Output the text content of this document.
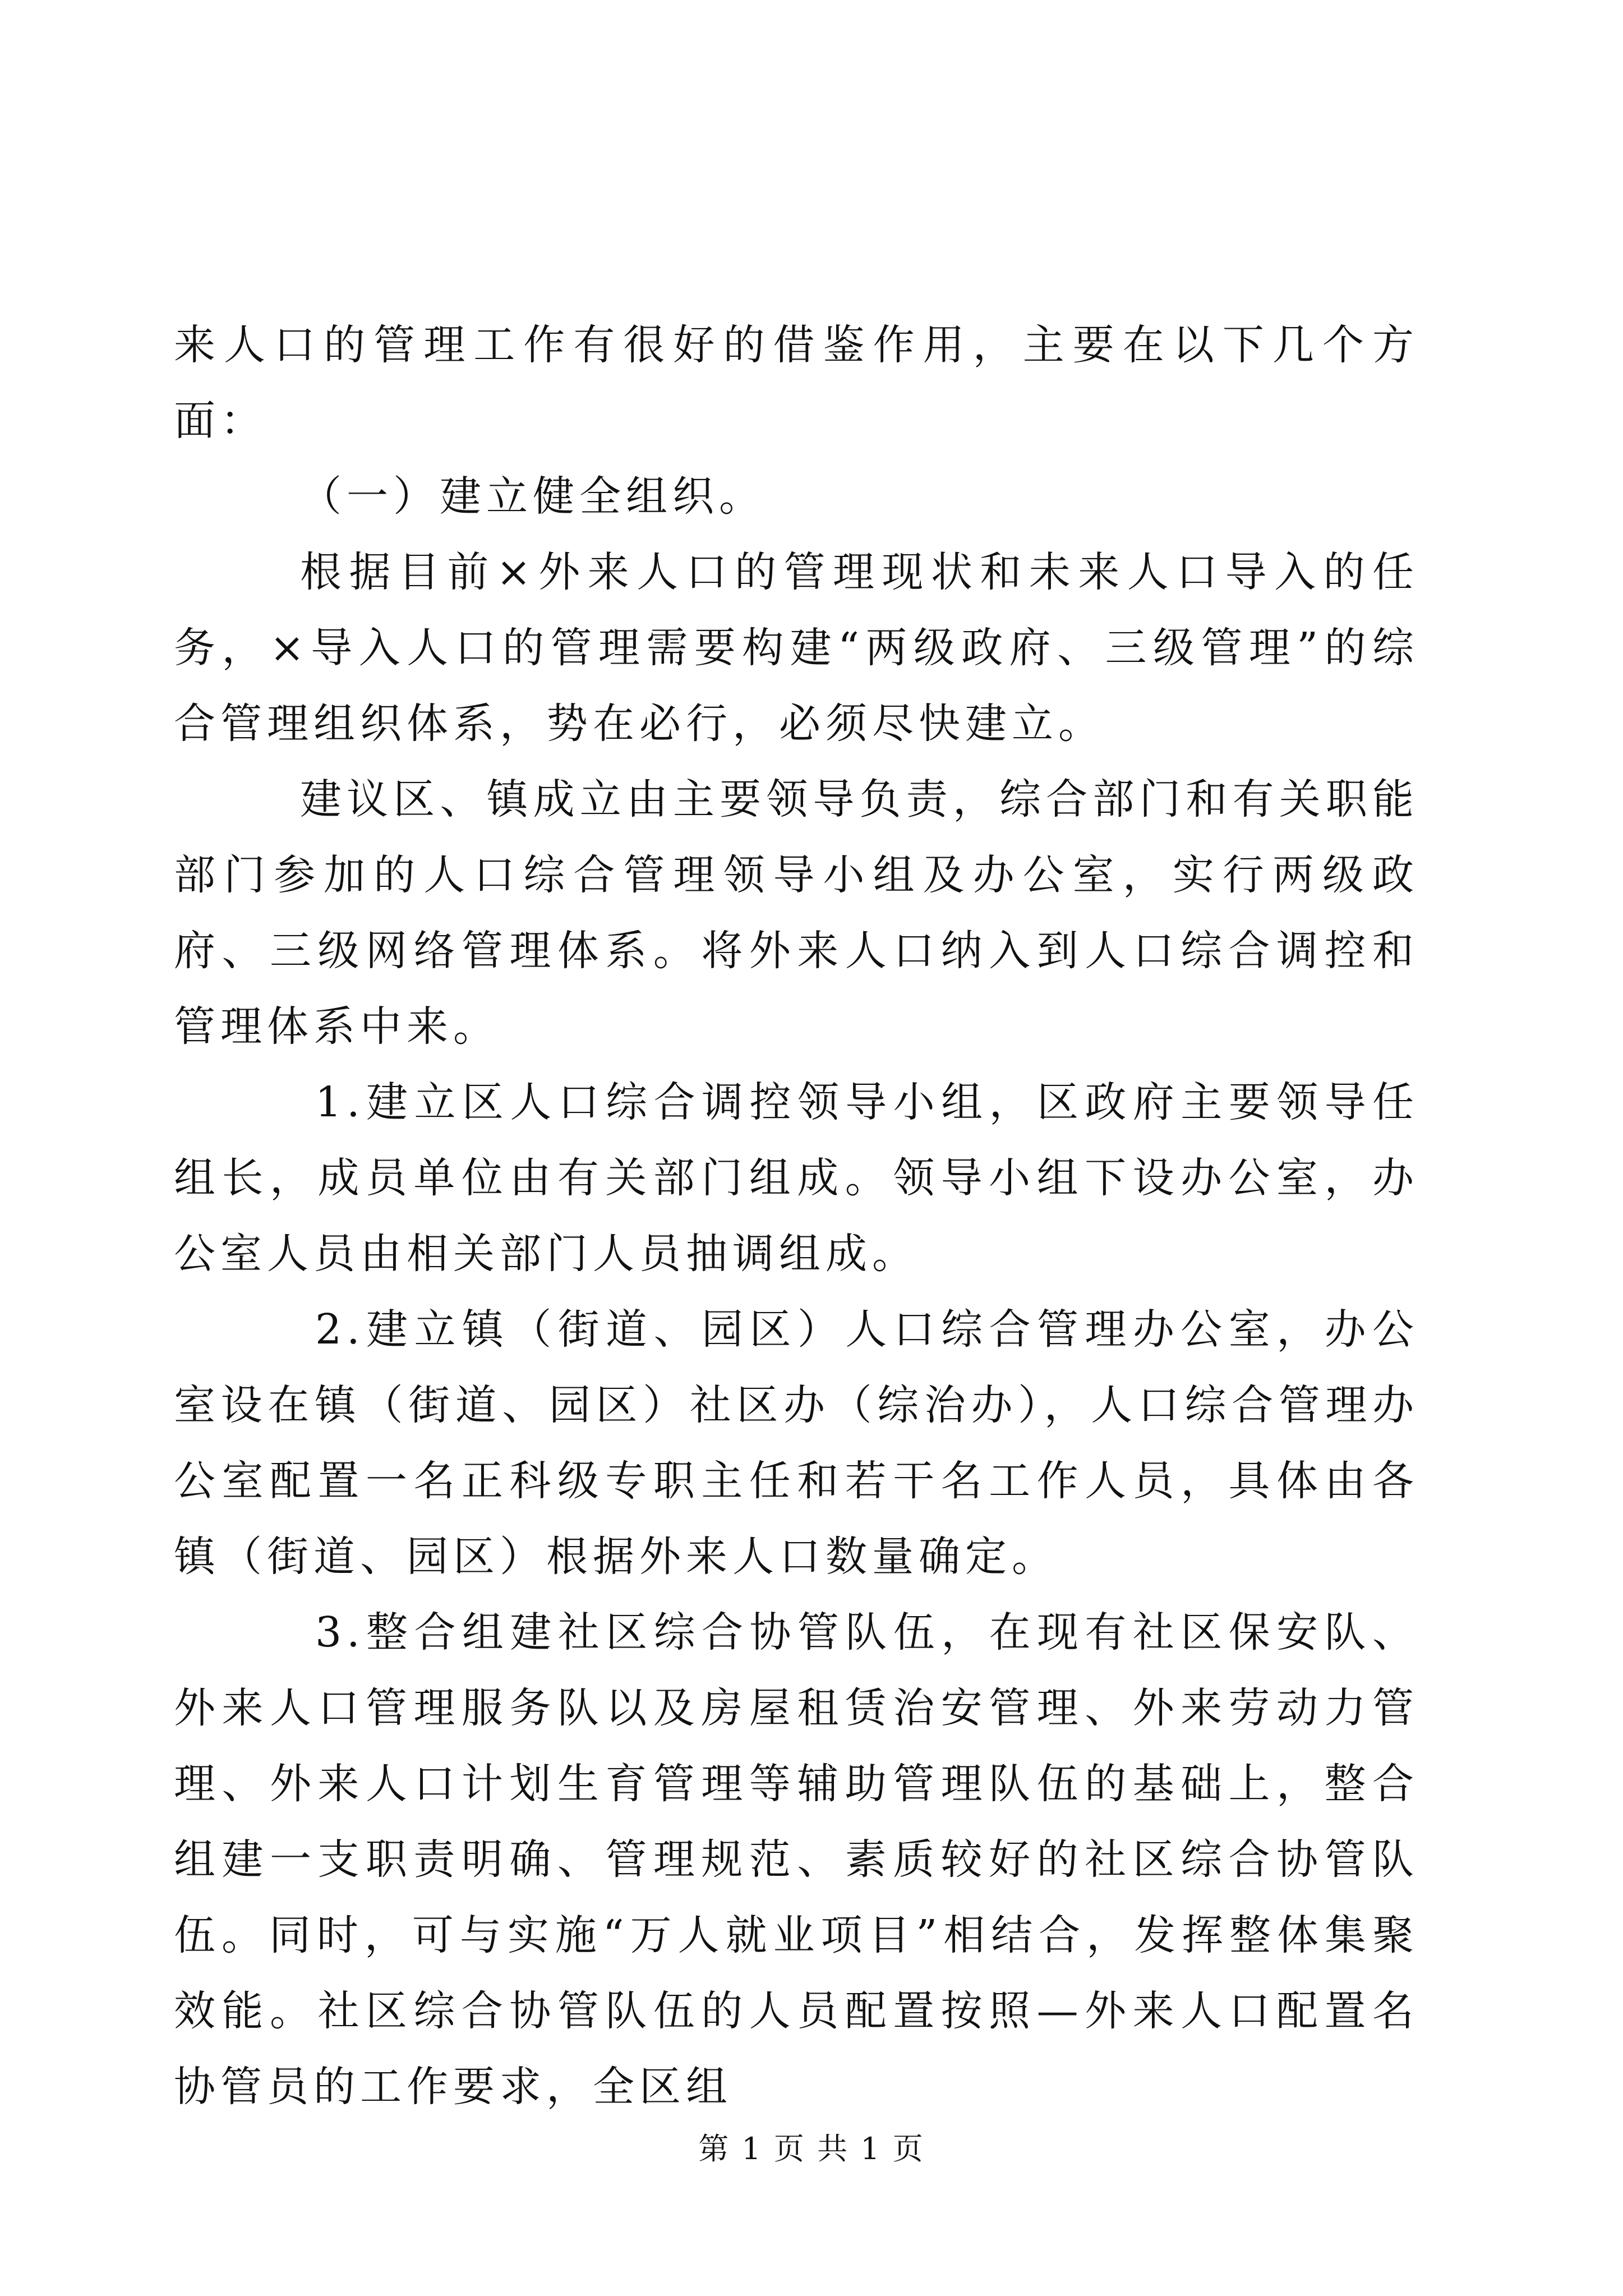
来人口的管理工作有很好的借鉴作用，主要在以下几个方面：

（一）建立健全组织。

根据目前×外来人口的管理现状和未来人口导入的任务，×导入人口的管理需要构建“两级政府、三级管理”的综合管理组织体系，势在必行，必须尽快建立。

建议区、镇成立由主要领导负责，综合部门和有关职能部门参加的人口综合管理领导小组及办公室，实行两级政府、三级网络管理体系。将外来人口纳入到人口综合调控和管理体系中来。

1.建立区人口综合调控领导小组，区政府主要领导任组长，成员单位由有关部门组成。领导小组下设办公室，办公室人员由相关部门人员抽调组成。

2.建立镇（街道、园区）人口综合管理办公室，办公室设在镇（街道、园区）社区办（综治办），人口综合管理办公室配置一名正科级专职主任和若干名工作人员，具体由各镇（街道、园区）根据外来人口数量确定。

3.整合组建社区综合协管队伍，在现有社区保安队、外来人口管理服务队以及房屋租赁治安管理、外来劳动力管理、外来人口计划生育管理等辅助管理队伍的基础上，整合组建一支职责明确、管理规范、素质较好的社区综合协管队伍。同时，可与实施“万人就业项目”相结合，发挥整体集聚效能。社区综合协管队伍的人员配置按照—外来人口配置名协管员的工作要求，全区组

第 1 页 共 1 页
